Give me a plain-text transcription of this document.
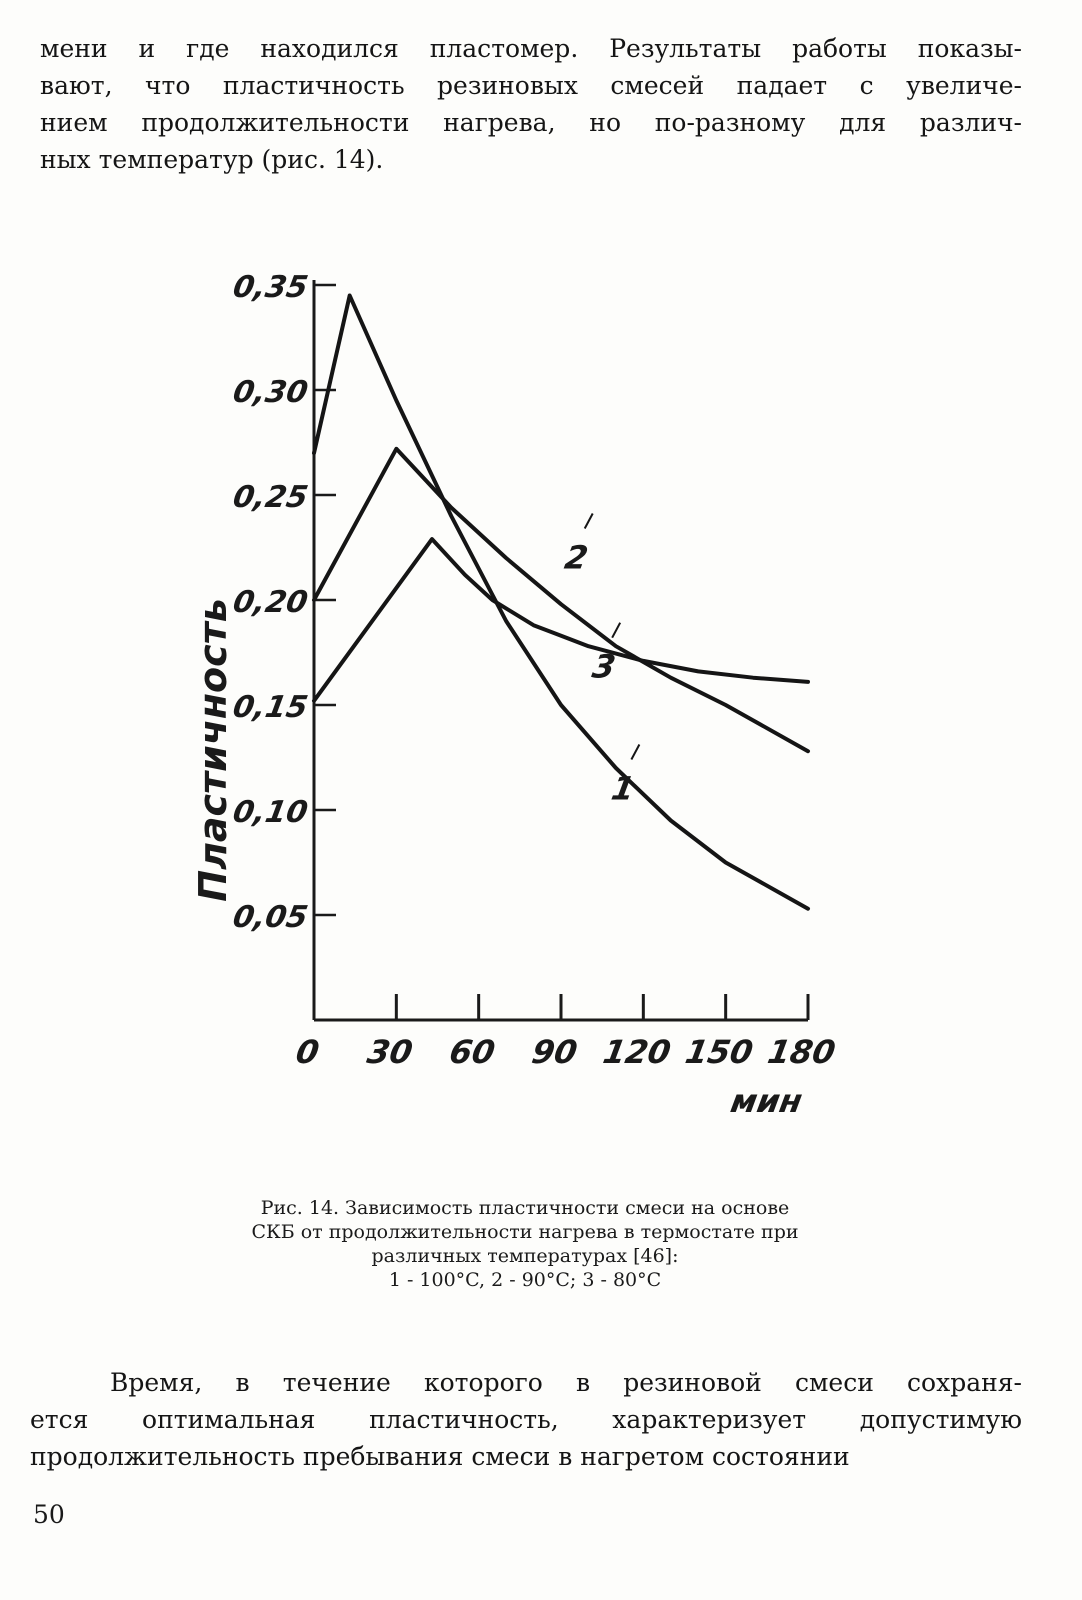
мени и где находился пластомер. Результаты работы показы-
вают, что пластичность резиновых смесей падает с увеличе-
нием продолжительности нагрева, но по-разному для различ-
ных температур (рис. 14).
0,05
0,10
0,15
0,20
0,25
0,30
0,35
0 30 60 90 120 150 180
мин
Пластичность	1
2
3
Рис. 14. Зависимость пластичности смеси на основе
СКБ от продолжительности нагрева в термостате при
различных температурах [46]:
1 - 100°C, 2 - 90°C; 3 - 80°C
Время, в течение которого в резиновой смеси сохраня-
ется оптимальная пластичность, характеризует допустимую
продолжительность пребывания смеси в нагретом состоянии
50
